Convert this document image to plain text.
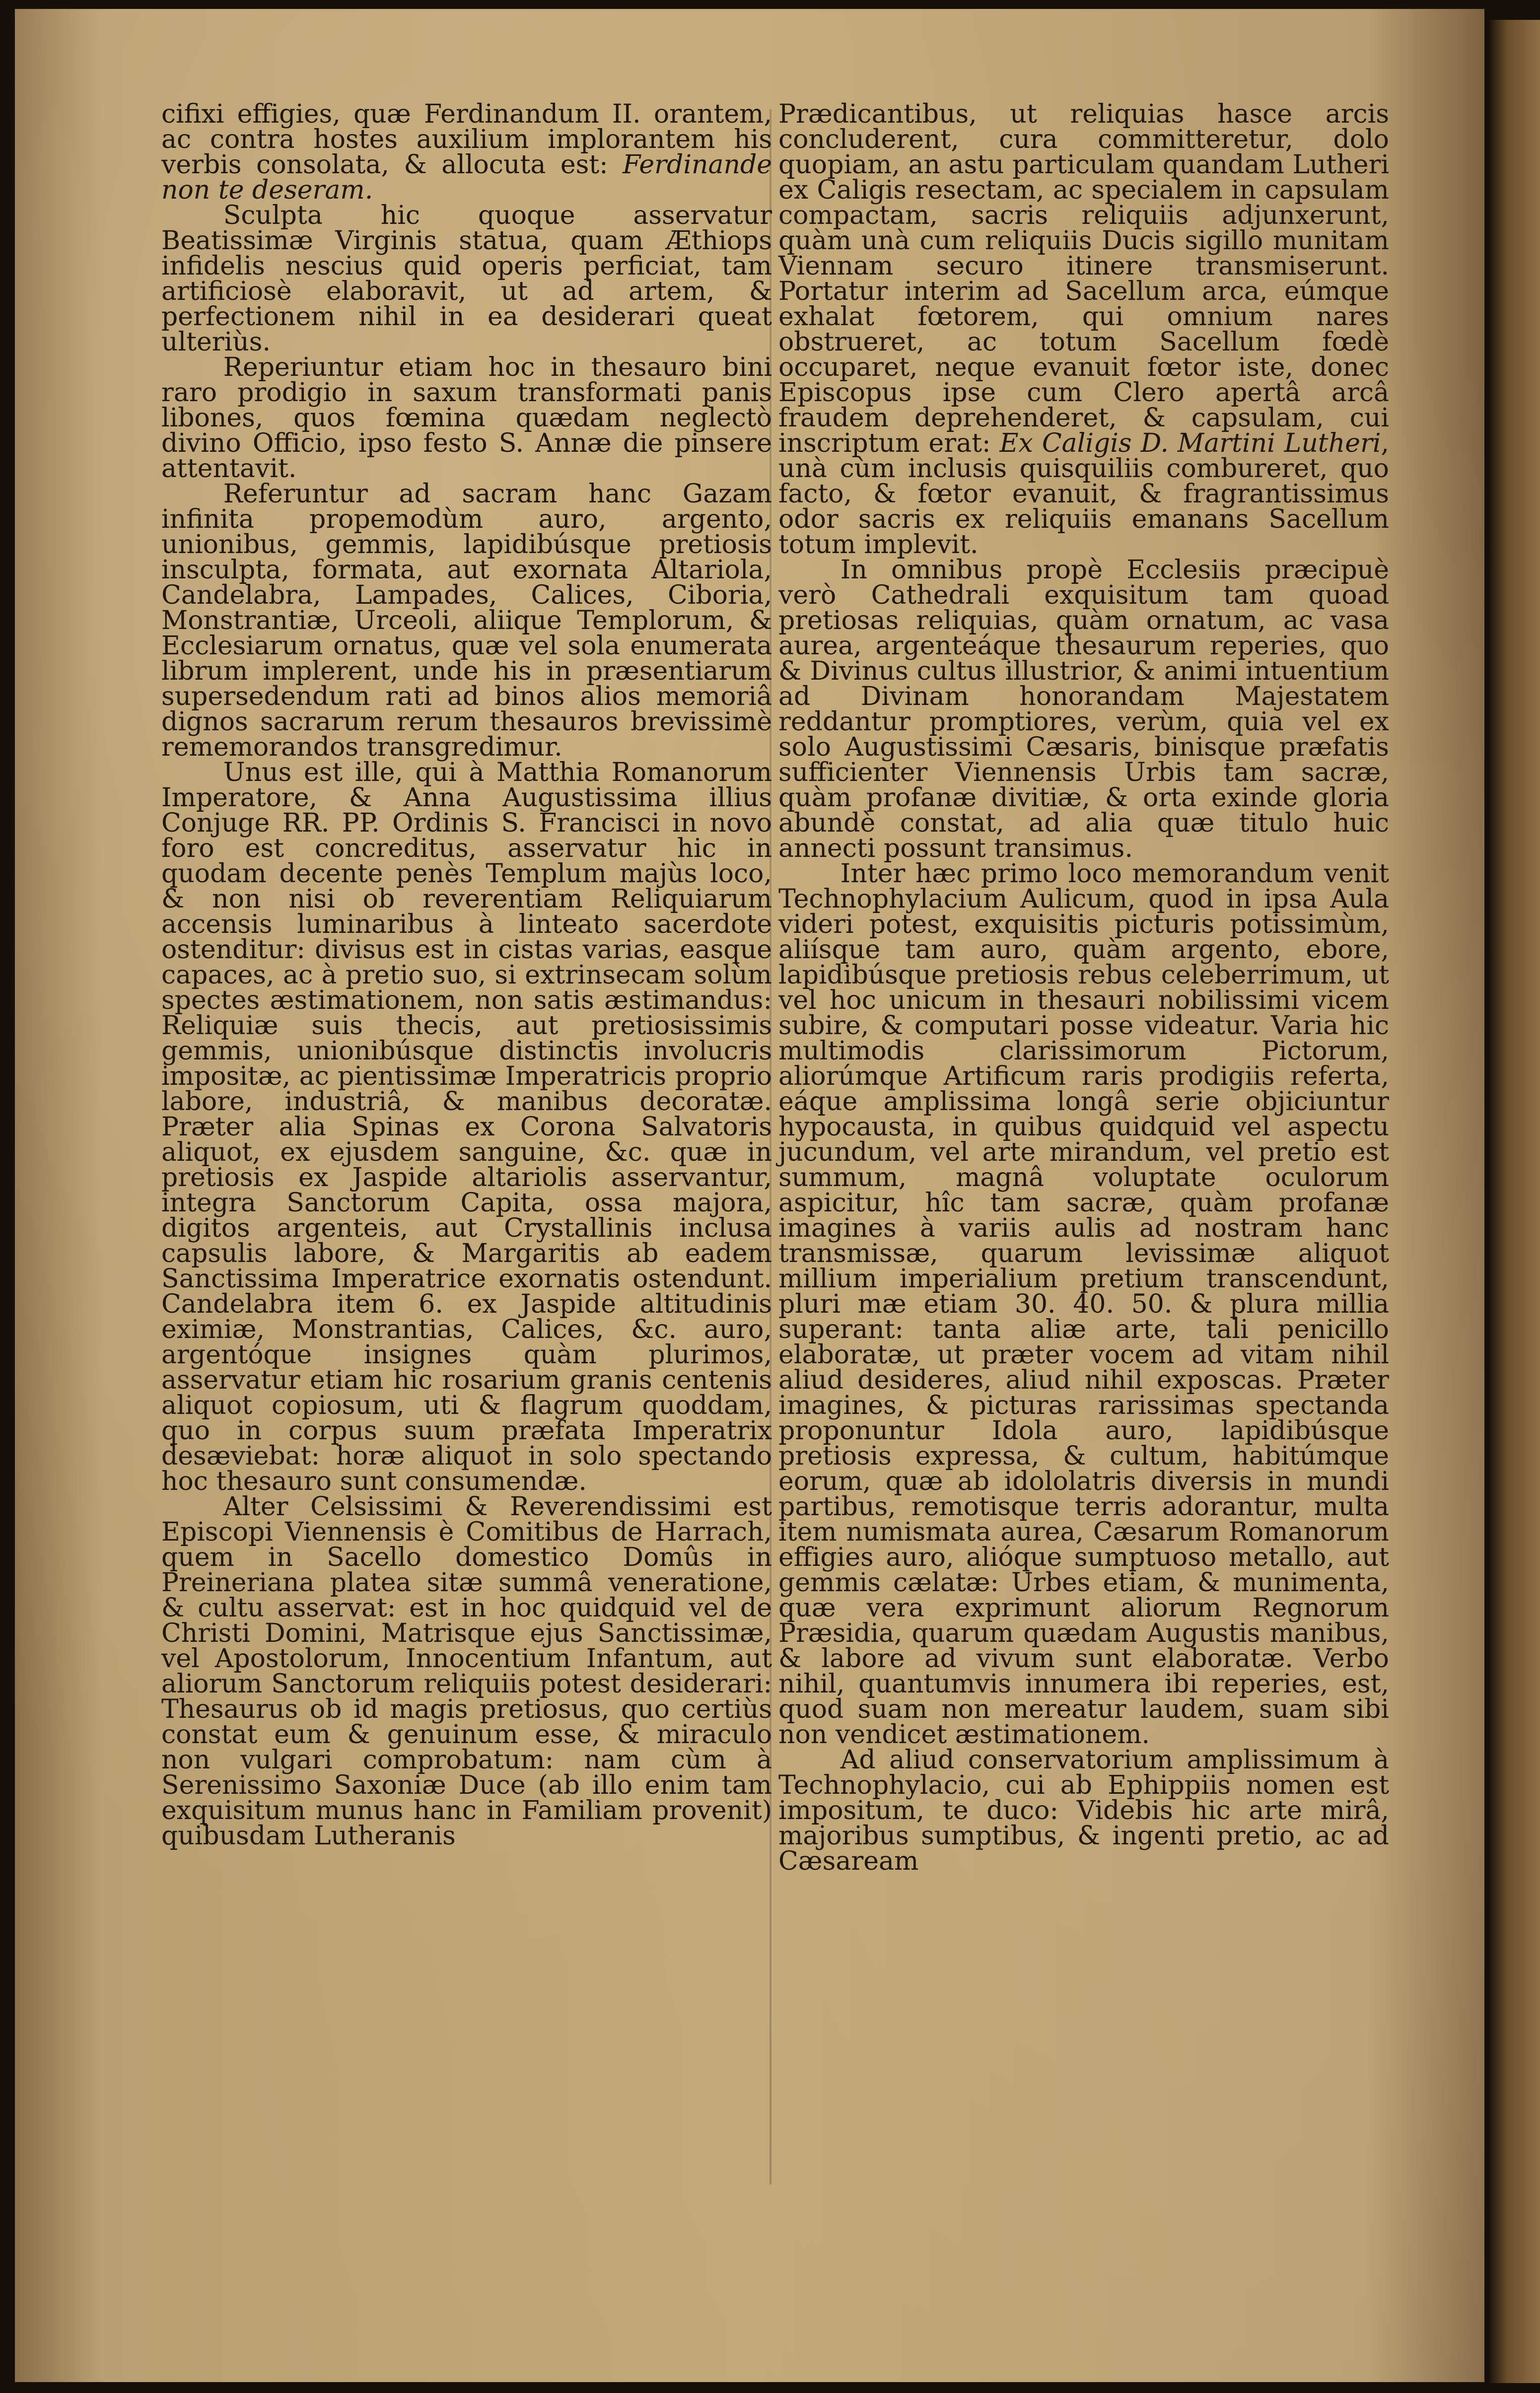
cifixi effigies, quæ Ferdinandum II. orantem, ac contra hostes auxilium implorantem his verbis consolata, & allocuta est: Ferdinande non te deseram.

Sculpta hic quoque asservatur Beatissimæ Virginis statua, quam Æthiops infidelis nescius quid operis perficiat, tam artificiosè elaboravit, ut ad artem, & perfectionem nihil in ea desiderari queat ulteriùs.

Reperiuntur etiam hoc in thesauro bini raro prodigio in saxum transformati panis libones, quos fœmina quædam neglectò divino Officio, ipso festo S. Annæ die pinsere attentavit.

Referuntur ad sacram hanc Gazam infinita propemodùm auro, argento, unionibus, gemmis, lapidibúsque pretiosis insculpta, formata, aut exornata Altariola, Candelabra, Lampades, Calices, Ciboria, Monstrantiæ, Urceoli, aliique Templorum, & Ecclesiarum ornatus, quæ vel sola enumerata librum implerent, unde his in præsentiarum supersedendum rati ad binos alios memoriâ dignos sacrarum rerum thesauros brevissimè rememorandos transgredimur.

Unus est ille, qui à Matthia Romanorum Imperatore, & Anna Augustissima illius Conjuge RR. PP. Ordinis S. Francisci in novo foro est concreditus, asservatur hic in quodam decente penès Templum majùs loco, & non nisi ob reverentiam Reliquiarum accensis luminaribus à linteato sacerdote ostenditur: divisus est in cistas varias, easque capaces, ac à pretio suo, si extrinsecam solùm spectes æstimationem, non satis æstimandus: Reliquiæ suis thecis, aut pretiosissimis gemmis, unionibúsque distinctis involucris impositæ, ac pientissimæ Imperatricis proprio labore, industriâ, & manibus decoratæ. Præter alia Spinas ex Corona Salvatoris aliquot, ex ejusdem sanguine, &c. quæ in pretiosis ex Jaspide altariolis asservantur, integra Sanctorum Capita, ossa majora, digitos argenteis, aut Crystallinis inclusa capsulis labore, & Margaritis ab eadem Sanctissima Imperatrice exornatis ostendunt. Candelabra item 6. ex Jaspide altitudinis eximiæ, Monstrantias, Calices, &c. auro, argentóque insignes quàm plurimos, asservatur etiam hic rosarium granis centenis aliquot copiosum, uti & flagrum quoddam, quo in corpus suum præfata Imperatrix desæviebat: horæ aliquot in solo spectando hoc thesauro sunt consumendæ.

Alter Celsissimi & Reverendissimi est Episcopi Viennensis è Comitibus de Harrach, quem in Sacello domestico Domûs in Preineriana platea sitæ summâ veneratione, & cultu asservat: est in hoc quidquid vel de Christi Domini, Matrisque ejus Sanctissimæ, vel Apostolorum, Innocentium Infantum, aut aliorum Sanctorum reliquiis potest desiderari: Thesaurus ob id magis pretiosus, quo certiùs constat eum & genuinum esse, & miraculo non vulgari comprobatum: nam cùm à Serenissimo Saxoniæ Duce (ab illo enim tam exquisitum munus hanc in Familiam provenit) quibusdam Lutheranis

Prædicantibus, ut reliquias hasce arcis concluderent, cura committeretur, dolo quopiam, an astu particulam quandam Lutheri ex Caligis resectam, ac specialem in capsulam compactam, sacris reliquiis adjunxerunt, quàm unà cum reliquiis Ducis sigillo munitam Viennam securo itinere transmiserunt. Portatur interim ad Sacellum arca, eúmque exhalat fœtorem, qui omnium nares obstrueret, ac totum Sacellum fœdè occuparet, neque evanuit fœtor iste, donec Episcopus ipse cum Clero apertâ arcâ fraudem deprehenderet, & capsulam, cui inscriptum erat: Ex Caligis D. Martini Lutheri, unà cùm inclusis quisquiliis combureret, quo facto, & fœtor evanuit, & fragrantissimus odor sacris ex reliquiis emanans Sacellum totum implevit.

In omnibus propè Ecclesiis præcipuè verò Cathedrali exquisitum tam quoad pretiosas reliquias, quàm ornatum, ac vasa aurea, argenteáque thesaurum reperies, quo & Divinus cultus illustrior, & animi intuentium ad Divinam honorandam Majestatem reddantur promptiores, verùm, quia vel ex solo Augustissimi Cæsaris, binisque præfatis sufficienter Viennensis Urbis tam sacræ, quàm profanæ divitiæ, & orta exinde gloria abundè constat, ad alia quæ titulo huic annecti possunt transimus.

Inter hæc primo loco memorandum venit Technophylacium Aulicum, quod in ipsa Aula videri potest, exquisitis picturis potissimùm, aliísque tam auro, quàm argento, ebore, lapidibúsque pretiosis rebus celeberrimum, ut vel hoc unicum in thesauri nobilissimi vicem subire, & computari posse videatur. Varia hic multimodis clarissimorum Pictorum, aliorúmque Artificum raris prodigiis referta, eáque amplissima longâ serie objiciuntur hypocausta, in quibus quidquid vel aspectu jucundum, vel arte mirandum, vel pretio est summum, magnâ voluptate oculorum aspicitur, hîc tam sacræ, quàm profanæ imagines à variis aulis ad nostram hanc transmissæ, quarum levissimæ aliquot millium imperialium pretium transcendunt, pluri mæ etiam 30. 40. 50. & plura millia superant: tanta aliæ arte, tali penicillo elaboratæ, ut præter vocem ad vitam nihil aliud desideres, aliud nihil exposcas. Præter imagines, & picturas rarissimas spectanda proponuntur Idola auro, lapidibúsque pretiosis expressa, & cultum, habitúmque eorum, quæ ab idololatris diversis in mundi partibus, remotisque terris adorantur, multa item numismata aurea, Cæsarum Romanorum effigies auro, alióque sumptuoso metallo, aut gemmis cælatæ: Urbes etiam, & munimenta, quæ vera exprimunt aliorum Regnorum Præsidia, quarum quædam Augustis manibus, & labore ad vivum sunt elaboratæ. Verbo nihil, quantumvis innumera ibi reperies, est, quod suam non mereatur laudem, suam sibi non vendicet æstimationem.

Ad aliud conservatorium amplissimum à Technophylacio, cui ab Ephippiis nomen est impositum, te duco: Videbis hic arte mirâ, majoribus sumptibus, & ingenti pretio, ac ad Cæsaream
